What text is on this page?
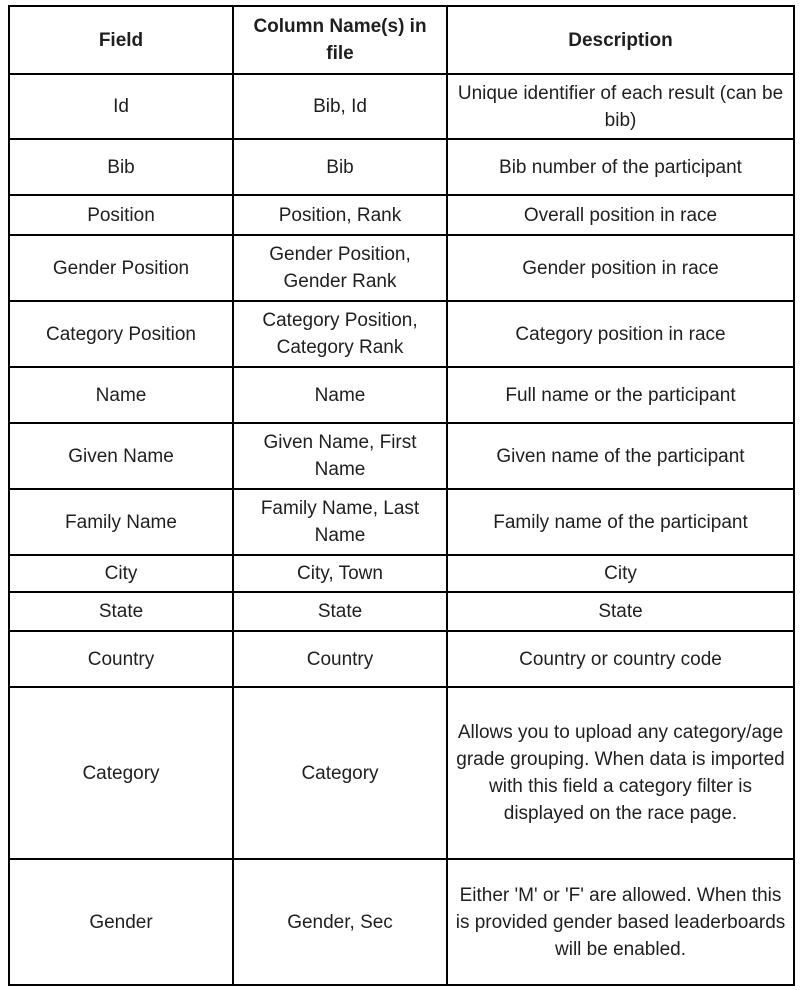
Field	Column Name(s) in file	Description
Id	Bib, Id	Unique identifier of each result (can be bib)
Bib	Bib	Bib number of the participant
Position	Position, Rank	Overall position in race
Gender Position	Gender Position, Gender Rank	Gender position in race
Category Position	Category Position, Category Rank	Category position in race
Name	Name	Full name or the participant
Given Name	Given Name, First Name	Given name of the participant
Family Name	Family Name, Last Name	Family name of the participant
City	City, Town	City
State	State	State
Country	Country	Country or country code
Category	Category	Allows you to upload any category/age grade grouping. When data is imported with this field a category filter is displayed on the race page.
Gender	Gender, Sec	Either 'M' or 'F' are allowed. When this is provided gender based leaderboards will be enabled.
